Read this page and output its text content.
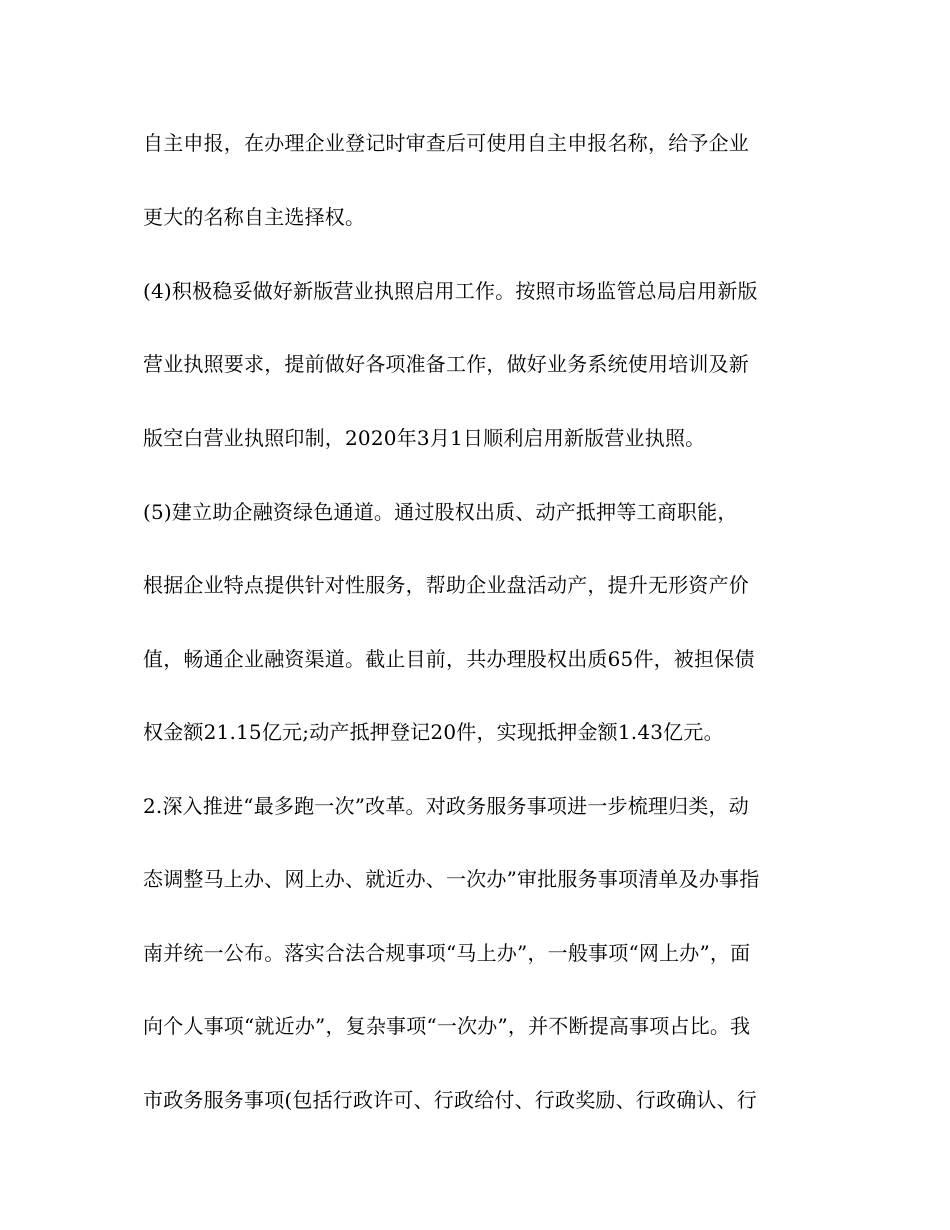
自主申报，在办理企业登记时审查后可使用自主申报名称，给予企业
更大的名称自主选择权。
(4)积极稳妥做好新版营业执照启用工作。按照市场监管总局启用新版
营业执照要求，提前做好各项准备工作，做好业务系统使用培训及新
版空白营业执照印制，2020年3月1日顺利启用新版营业执照。
(5)建立助企融资绿色通道。通过股权出质、动产抵押等工商职能，
根据企业特点提供针对性服务，帮助企业盘活动产，提升无形资产价
值，畅通企业融资渠道。截止目前，共办理股权出质65件，被担保债
权金额21.15亿元;动产抵押登记20件，实现抵押金额1.43亿元。
2.深入推进“最多跑一次”改革。对政务服务事项进一步梳理归类，动
态调整马上办、网上办、就近办、一次办”审批服务事项清单及办事指
南并统一公布。落实合法合规事项“马上办”，一般事项“网上办”，面
向个人事项“就近办”，复杂事项“一次办”，并不断提高事项占比。我
市政务服务事项(包括行政许可、行政给付、行政奖励、行政确认、行
